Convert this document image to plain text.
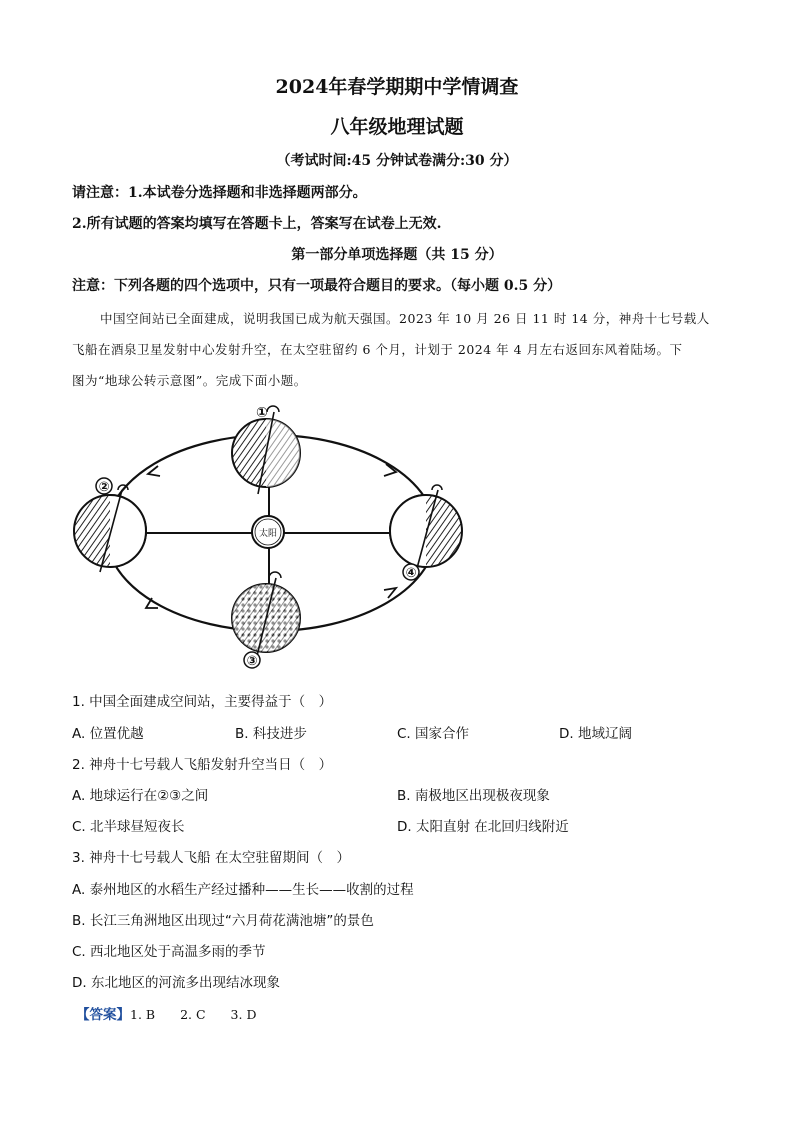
2024年春学期期中学情调查
八年级地理试题
（考试时间:45 分钟试卷满分:30 分）
请注意：1.本试卷分选择题和非选择题两部分。
2.所有试题的答案均填写在答题卡上，答案写在试卷上无效.
第一部分单项选择题（共 15 分）
注意：下列各题的四个选项中，只有一项最符合题目的要求。（每小题 0.5 分）
中国空间站已全面建成，说明我国已成为航天强国。2023 年 10 月 26 日 11 时 14 分，神舟十七号载人
飞船在酒泉卫星发射中心发射升空，在太空驻留约 6 个月，计划于 2024 年 4 月左右返回东风着陆场。下
图为“地球公转示意图”。完成下面小题。
太阳
①
②
④
③
1. 中国全面建成空间站，主要得益于（　）
A. 位置优越	B. 科技进步	C. 国家合作	D. 地域辽阔
2. 神舟十七号载人飞船发射升空当日（　）
A. 地球运行在②③之间	B. 南极地区出现极夜现象
C. 北半球昼短夜长	D. 太阳直射 在北回归线附近
3. 神舟十七号载人飞船 在太空驻留期间（　）
A. 泰州地区的水稻生产经过播种——生长——收割的过程
B. 长江三角洲地区出现过“六月荷花满池塘”的景色
C. 西北地区处于高温多雨的季节
D. 东北地区的河流多出现结冰现象
【答案】1. B　　2. C　　3. D
